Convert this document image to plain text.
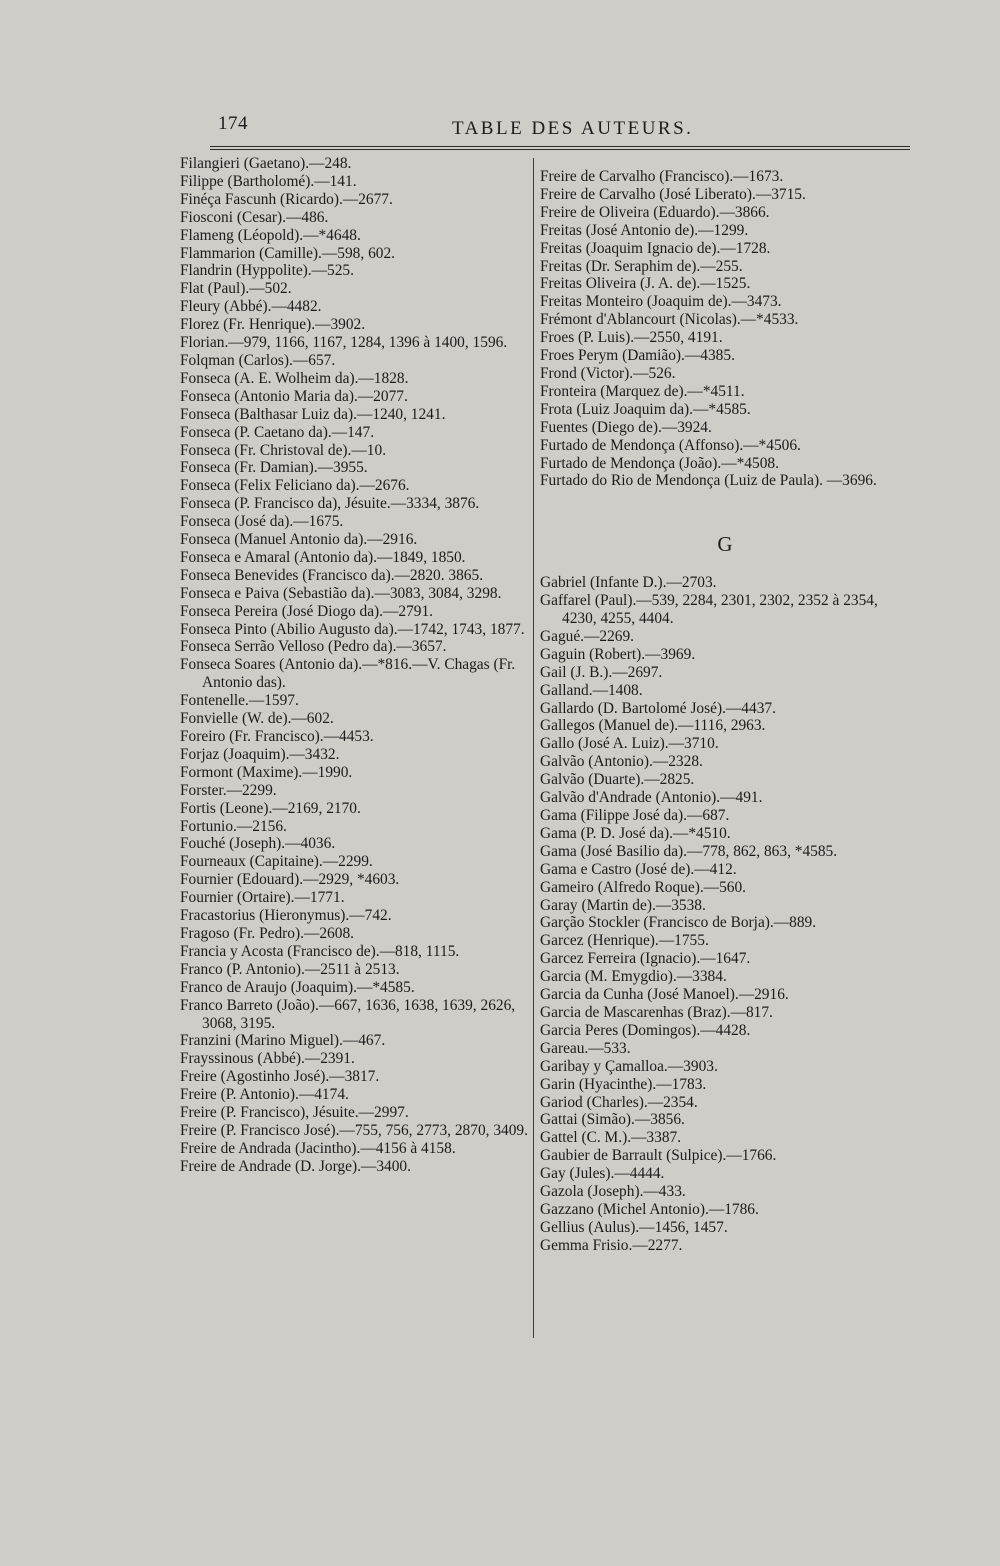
174	TABLE DES AUTEURS.
Filangieri (Gaetano).—248.
Filippe (Bartholomé).—141.
Finéça Fascunh (Ricardo).—2677.
Fiosconi (Cesar).—486.
Flameng (Léopold).—*4648.
Flammarion (Camille).—598, 602.
Flandrin (Hyppolite).—525.
Flat (Paul).—502.
Fleury (Abbé).—4482.
Florez (Fr. Henrique).—3902.
Florian.—979, 1166, 1167, 1284, 1396 à 1400, 1596.
Folqman (Carlos).—657.
Fonseca (A. E. Wolheim da).—1828.
Fonseca (Antonio Maria da).—2077.
Fonseca (Balthasar Luiz da).—1240, 1241.
Fonseca (P. Caetano da).—147.
Fonseca (Fr. Christoval de).—10.
Fonseca (Fr. Damian).—3955.
Fonseca (Felix Feliciano da).—2676.
Fonseca (P. Francisco da), Jésuite.—3334, 3876.
Fonseca (José da).—1675.
Fonseca (Manuel Antonio da).—2916.
Fonseca e Amaral (Antonio da).—1849, 1850.
Fonseca Benevides (Francisco da).—2820. 3865.
Fonseca e Paiva (Sebastião da).—3083, 3084, 3298.
Fonseca Pereira (José Diogo da).—2791.
Fonseca Pinto (Abilio Augusto da).—1742, 1743, 1877.
Fonseca Serrão Velloso (Pedro da).—3657.
Fonseca Soares (Antonio da).—*816.—V. Chagas (Fr. Antonio das).
Fontenelle.—1597.
Fonvielle (W. de).—602.
Foreiro (Fr. Francisco).—4453.
Forjaz (Joaquim).—3432.
Formont (Maxime).—1990.
Forster.—2299.
Fortis (Leone).—2169, 2170.
Fortunio.—2156.
Fouché (Joseph).—4036.
Fourneaux (Capitaine).—2299.
Fournier (Edouard).—2929, *4603.
Fournier (Ortaire).—1771.
Fracastorius (Hieronymus).—742.
Fragoso (Fr. Pedro).—2608.
Francia y Acosta (Francisco de).—818, 1115.
Franco (P. Antonio).—2511 à 2513.
Franco de Araujo (Joaquim).—*4585.
Franco Barreto (João).—667, 1636, 1638, 1639, 2626, 3068, 3195.
Franzini (Marino Miguel).—467.
Frayssinous (Abbé).—2391.
Freire (Agostinho José).—3817.
Freire (P. Antonio).—4174.
Freire (P. Francisco), Jésuite.—2997.
Freire (P. Francisco José).—755, 756, 2773, 2870, 3409.
Freire de Andrada (Jacintho).—4156 à 4158.
Freire de Andrade (D. Jorge).—3400.
Freire de Carvalho (Francisco).—1673.
Freire de Carvalho (José Liberato).—3715.
Freire de Oliveira (Eduardo).—3866.
Freitas (José Antonio de).—1299.
Freitas (Joaquim Ignacio de).—1728.
Freitas (Dr. Seraphim de).—255.
Freitas Oliveira (J. A. de).—1525.
Freitas Monteiro (Joaquim de).—3473.
Frémont d'Ablancourt (Nicolas).—*4533.
Froes (P. Luis).—2550, 4191.
Froes Perym (Damião).—4385.
Frond (Victor).—526.
Fronteira (Marquez de).—*4511.
Frota (Luiz Joaquim da).—*4585.
Fuentes (Diego de).—3924.
Furtado de Mendonça (Affonso).—*4506.
Furtado de Mendonça (João).—*4508.
Furtado do Rio de Mendonça (Luiz de Paula). —3696.
G
Gabriel (Infante D.).—2703.
Gaffarel (Paul).—539, 2284, 2301, 2302, 2352 à 2354, 4230, 4255, 4404.
Gagué.—2269.
Gaguin (Robert).—3969.
Gail (J. B.).—2697.
Galland.—1408.
Gallardo (D. Bartolomé José).—4437.
Gallegos (Manuel de).—1116, 2963.
Gallo (José A. Luiz).—3710.
Galvão (Antonio).—2328.
Galvão (Duarte).—2825.
Galvão d'Andrade (Antonio).—491.
Gama (Filippe José da).—687.
Gama (P. D. José da).—*4510.
Gama (José Basilio da).—778, 862, 863, *4585.
Gama e Castro (José de).—412.
Gameiro (Alfredo Roque).—560.
Garay (Martin de).—3538.
Garção Stockler (Francisco de Borja).—889.
Garcez (Henrique).—1755.
Garcez Ferreira (Ignacio).—1647.
Garcia (M. Emygdio).—3384.
Garcia da Cunha (José Manoel).—2916.
Garcia de Mascarenhas (Braz).—817.
Garcia Peres (Domingos).—4428.
Gareau.—533.
Garibay y Çamalloa.—3903.
Garin (Hyacinthe).—1783.
Gariod (Charles).—2354.
Gattai (Simão).—3856.
Gattel (C. M.).—3387.
Gaubier de Barrault (Sulpice).—1766.
Gay (Jules).—4444.
Gazola (Joseph).—433.
Gazzano (Michel Antonio).—1786.
Gellius (Aulus).—1456, 1457.
Gemma Frisio.—2277.
